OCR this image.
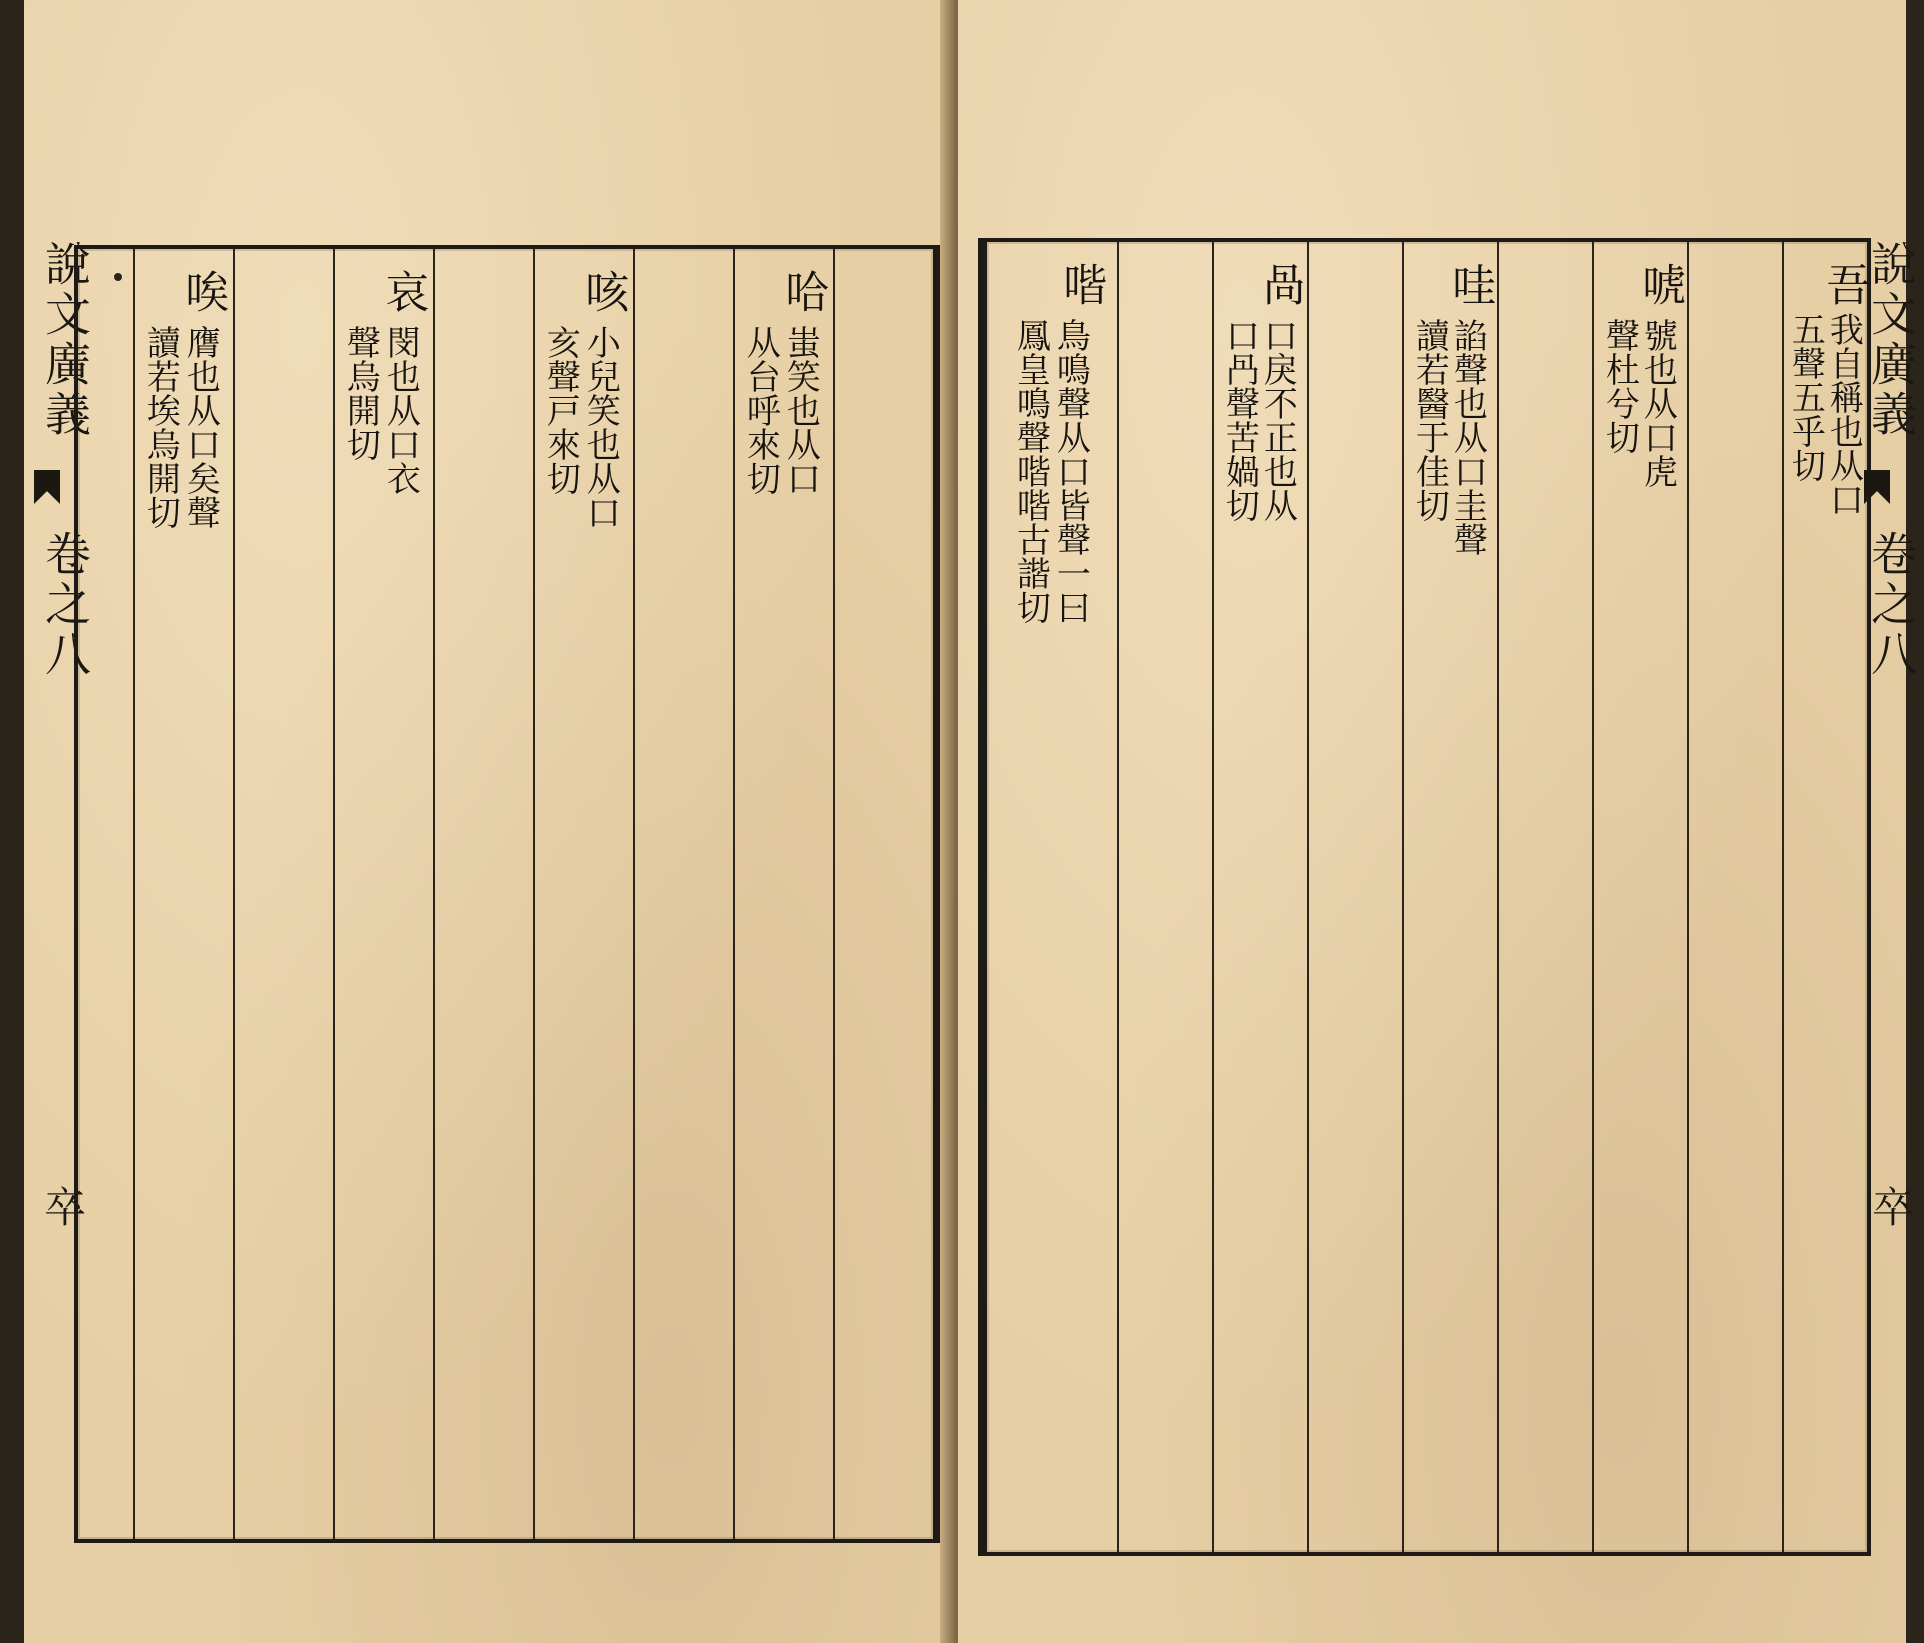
說文廣義
卷之八
卒
哈
蚩笑也从口
从台呼來切
咳
小兒笑也从口
亥聲戸來切
哀
閔也从口衣
聲烏開切
唉
膺也从口矣聲
讀若埃烏開切
吾
我自稱也从口
五聲五乎切
唬
號也从口虎
聲杜兮切
哇
諂聲也从口圭聲
讀若醫于佳切
咼
口戾不正也从
口冎聲苦媧切
喈
鳥鳴聲从口皆聲一曰
鳳皇鳴聲喈喈古諧切	說文廣義
卷之八
卒
